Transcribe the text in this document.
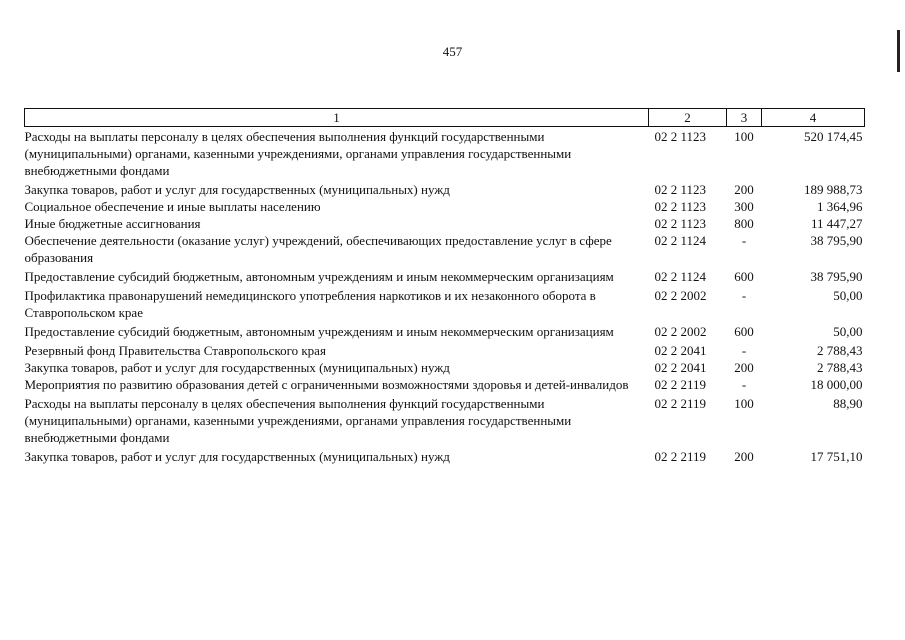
457
1	2	3	4
Расходы на выплаты персоналу в целях обеспечения выполнения функций государственными (муниципальными) органами, казенными учреждениями, органами управления государственными внебюджетными фондами	02 2 1123	100	520 174,45
Закупка товаров, работ и услуг для государственных (муниципальных) нужд	02 2 1123	200	189 988,73
Социальное обеспечение и иные выплаты населению	02 2 1123	300	1 364,96
Иные бюджетные ассигнования	02 2 1123	800	11 447,27
Обеспечение деятельности (оказание услуг) учреждений, обеспечивающих предоставление услуг в сфере образования	02 2 1124	-	38 795,90
Предоставление субсидий бюджетным, автономным учреждениям и иным некоммерческим организациям	02 2 1124	600	38 795,90
Профилактика правонарушений немедицинского употребления наркотиков и их незаконного оборота в Ставропольском крае	02 2 2002	-	50,00
Предоставление субсидий бюджетным, автономным учреждениям и иным некоммерческим организациям	02 2 2002	600	50,00
Резервный фонд Правительства Ставропольского края	02 2 2041	-	2 788,43
Закупка товаров, работ и услуг для государственных (муниципальных) нужд	02 2 2041	200	2 788,43
Мероприятия по развитию образования детей с ограниченными возможностями здоровья и детей-инвалидов	02 2 2119	-	18 000,00
Расходы на выплаты персоналу в целях обеспечения выполнения функций государственными (муниципальными) органами, казенными учреждениями, органами управления государственными внебюджетными фондами	02 2 2119	100	88,90
Закупка товаров, работ и услуг для государственных (муниципальных) нужд	02 2 2119	200	17 751,10
